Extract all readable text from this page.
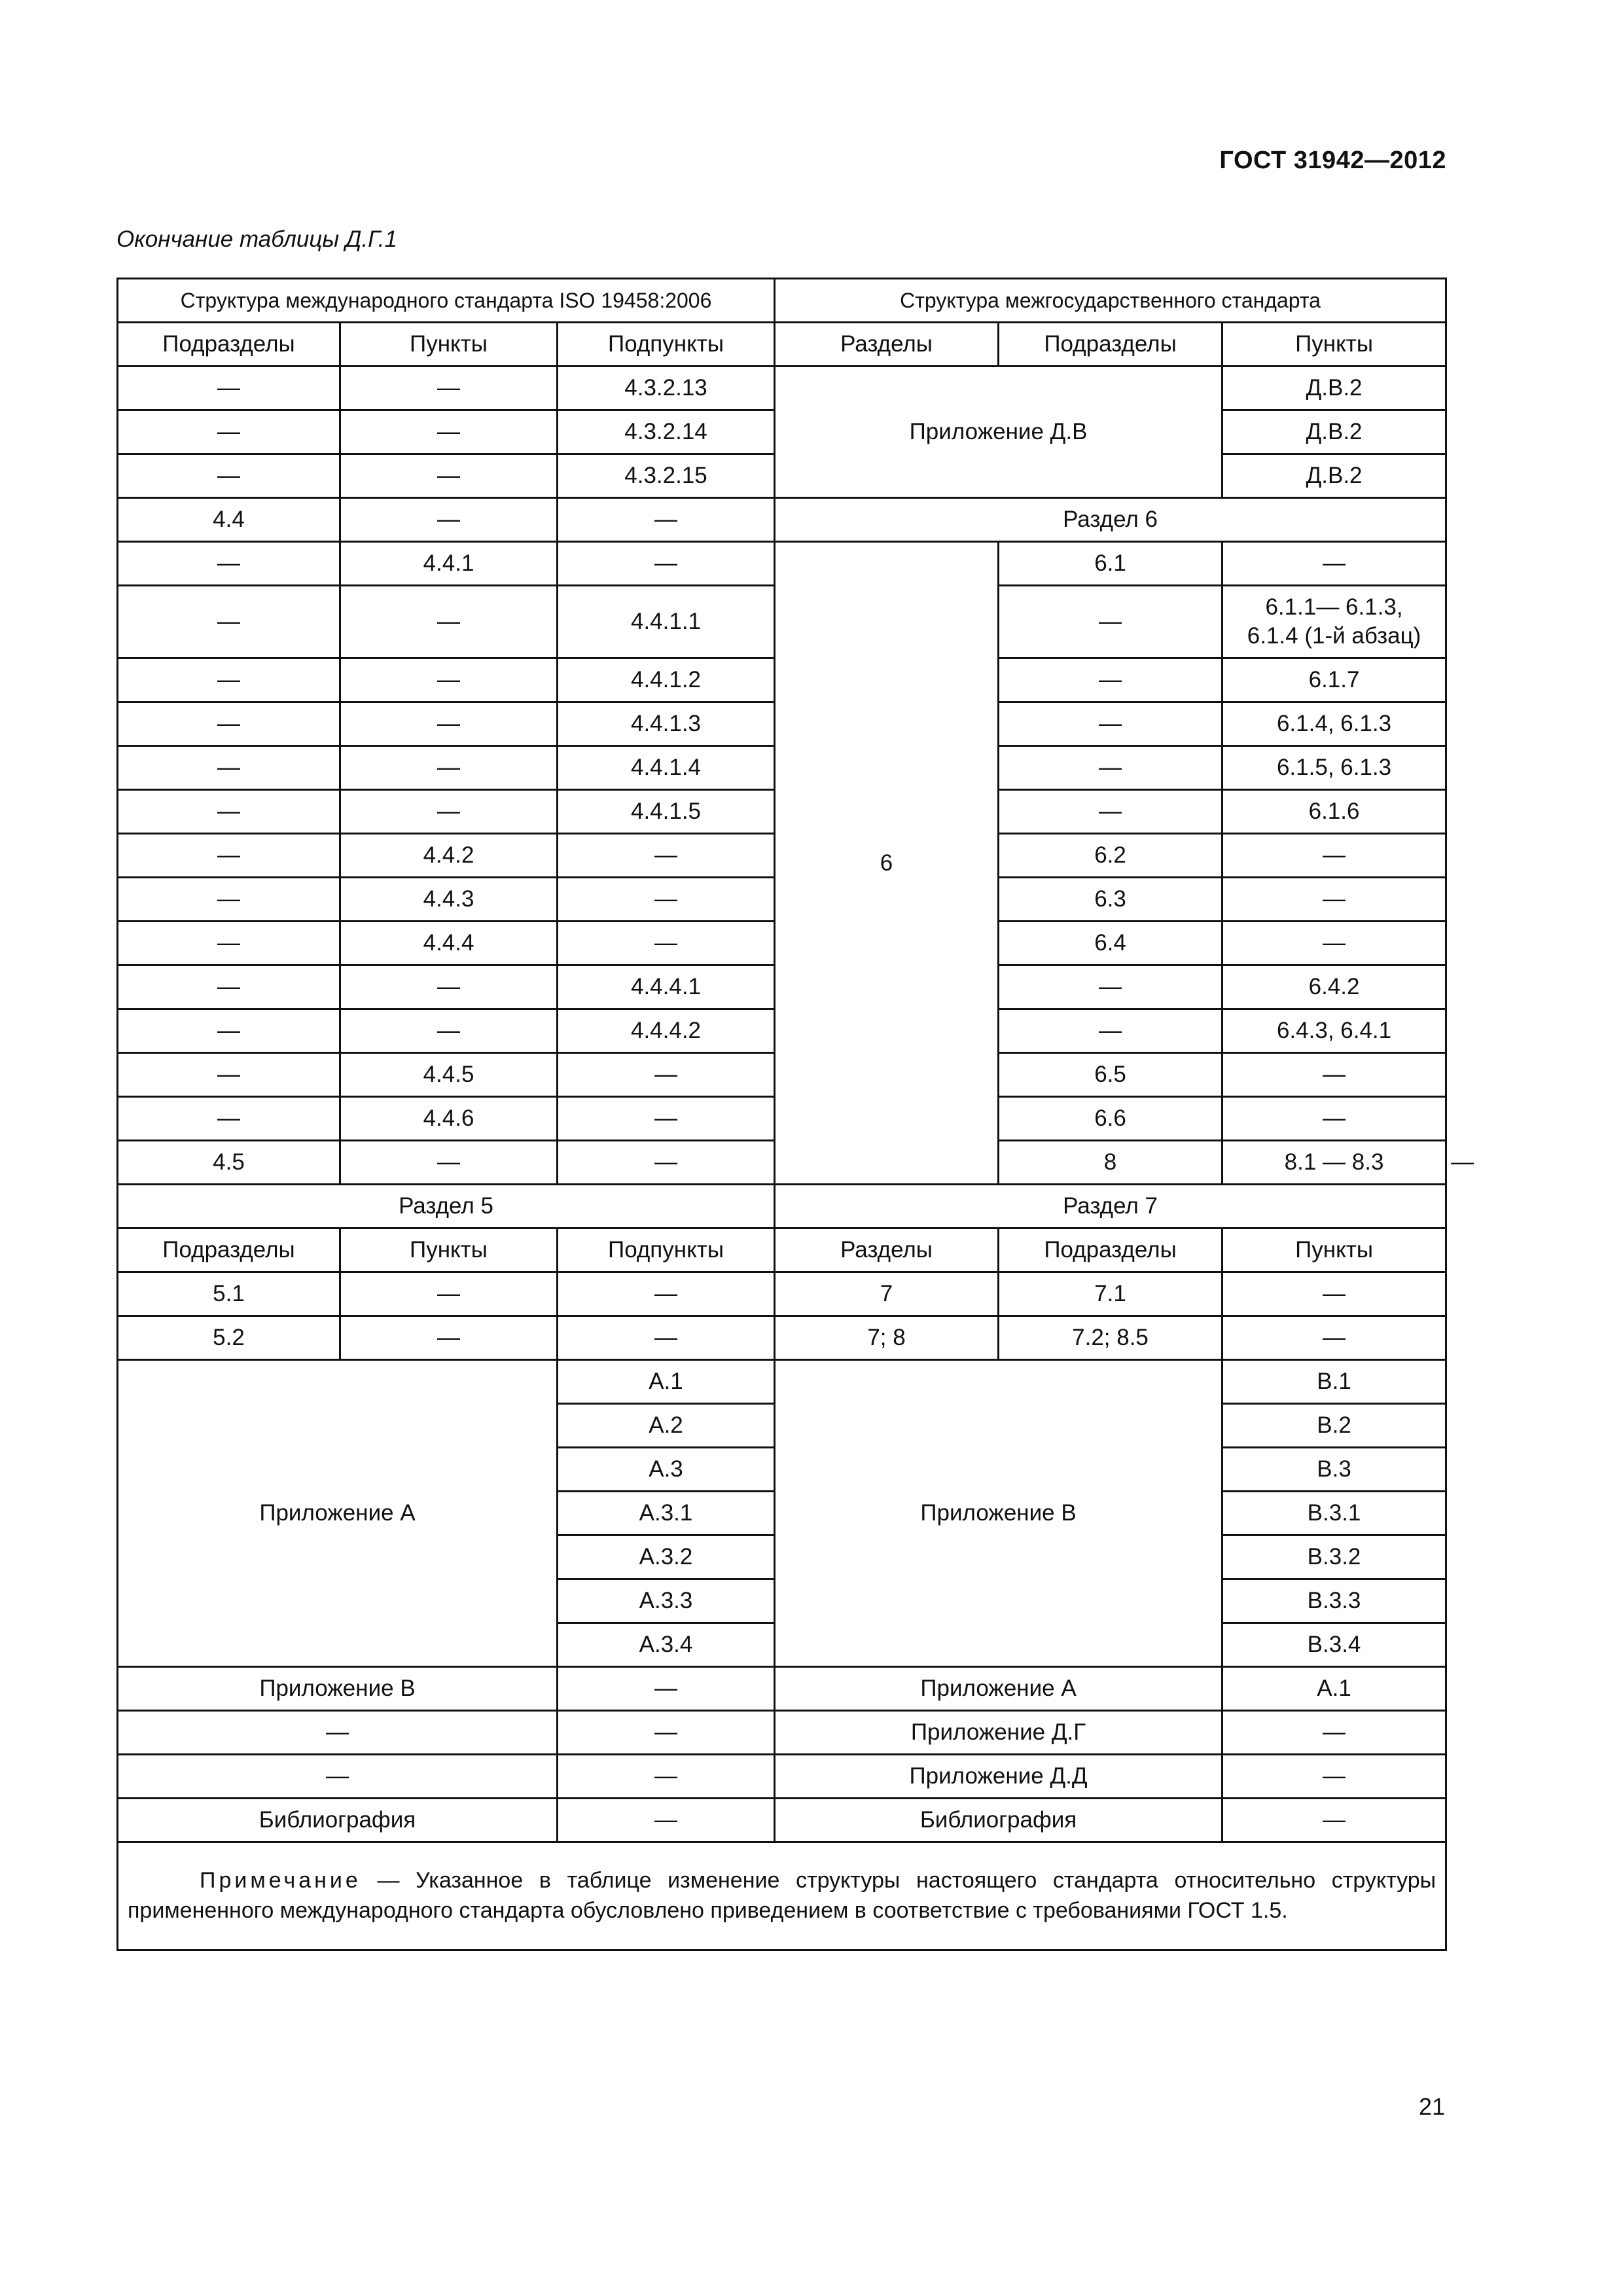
ГОСТ 31942—2012
Окончание таблицы Д.Г.1
Структура международного стандарта ISO 19458:2006			Структура межгосударственного стандарта			
Подразделы	Пункты	Подпункты	Разделы	Подразделы	Пункты	
—	—	4.3.2.13	Приложение Д.В		Д.В.2	
—	—	4.3.2.14			Д.В.2	
—	—	4.3.2.15			Д.В.2	
4.4	—	—	Раздел 6			
—	4.4.1	—	6	6.1	—	
—	—	4.4.1.1		—	6.1.1— 6.1.3,
6.1.4 (1-й абзац)	

—	—	4.4.1.2		—	6.1.7	
—	—	4.4.1.3		—	6.1.4, 6.1.3	
—	—	4.4.1.4		—	6.1.5, 6.1.3	
—	—	4.4.1.5		—	6.1.6	
—	4.4.2	—		6.2	—	
—	4.4.3	—		6.3	—	
—	4.4.4	—		6.4	—	
—	—	4.4.4.1		—	6.4.2	
—	—	4.4.4.2		—	6.4.3, 6.4.1	
—	4.4.5	—		6.5	—	
—	4.4.6	—		6.6	—	
4.5	—	—		8	8.1 — 8.3	—
Раздел 5			Раздел 7			
Подразделы	Пункты	Подпункты	Разделы	Подразделы	Пункты	
5.1	—	—	7	7.1	—	
5.2	—	—	7; 8	7.2; 8.5	—	
Приложение А		А.1	Приложение В		В.1	
		А.2			В.2	
		А.3			В.3	
		А.3.1			В.3.1	
		А.3.2			В.3.2	
		А.3.3			В.3.3	
		А.3.4			В.3.4	
Приложение В		—	Приложение А		А.1	
—		—	Приложение Д.Г		—	
—		—	Приложение Д.Д		—	
Библиография		—	Библиография		—	
Примечание — Указанное в таблице изменение структуры настоящего стандарта относительно структуры примененного международного стандарта обусловлено приведением в соответствие с требованиями ГОСТ 1.5.						
21
